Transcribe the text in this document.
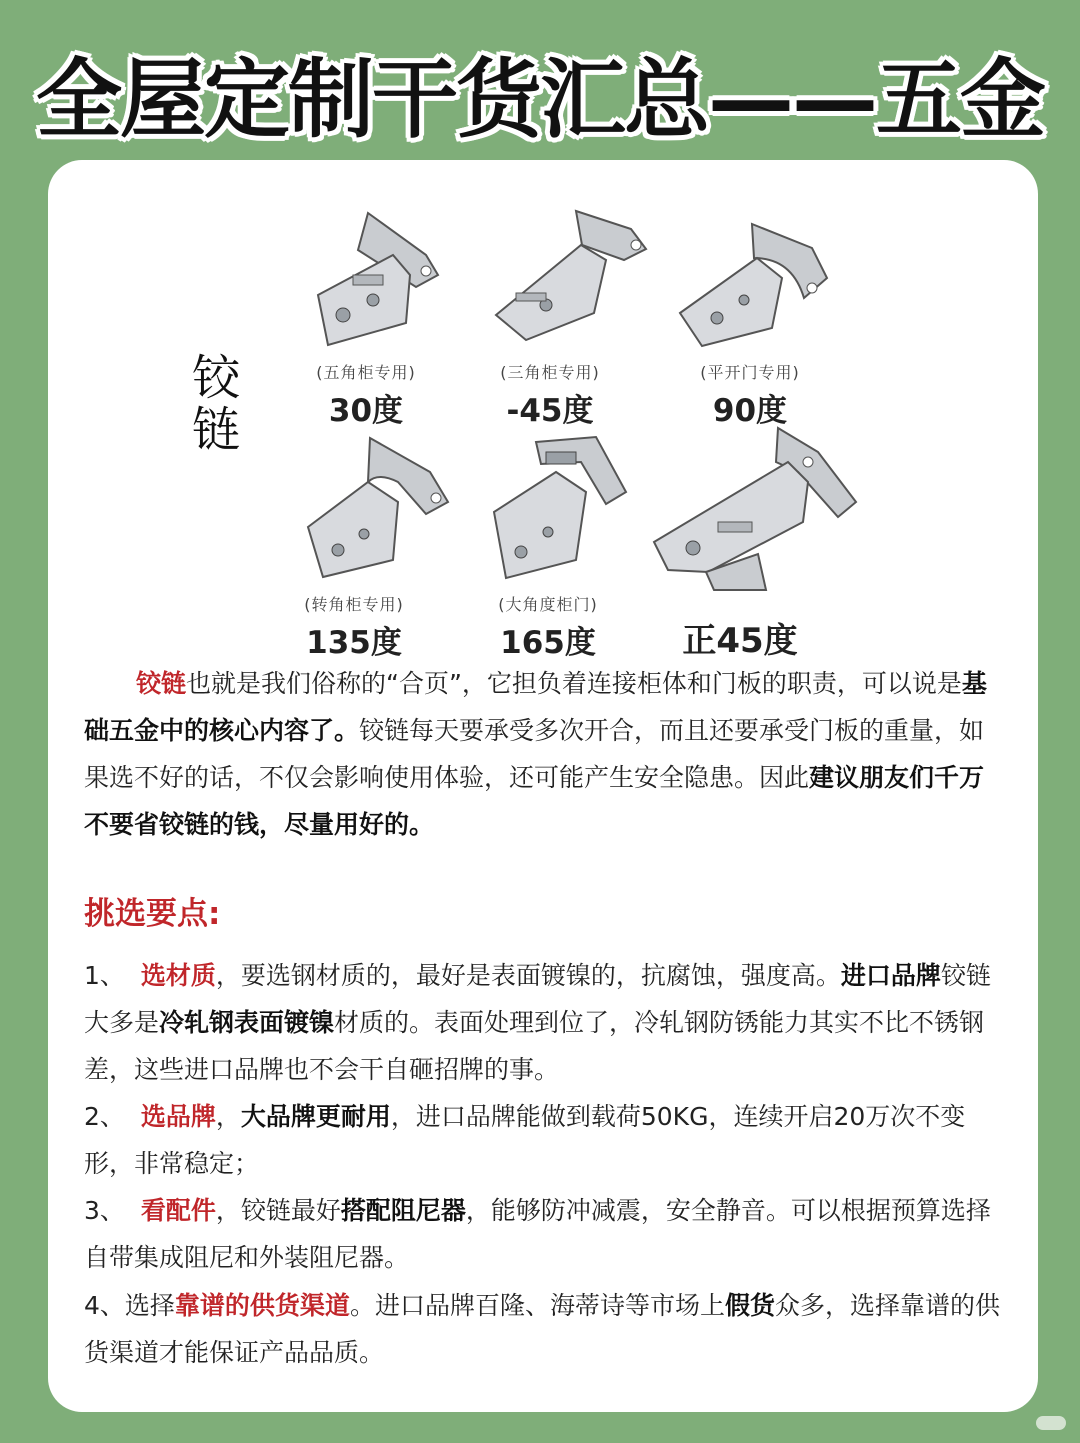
全屋定制干货汇总——五金
铰链
(五角柜专用)
30度
(三角柜专用)
-45度
(平开门专用)
90度
(转角柜专用)
135度
(大角度柜门)
165度
	正45度
铰链也就是我们俗称的“合页”，它担负着连接柜体和门板的职责，可以说是基础五金中的核心内容了。铰链每天要承受多次开合，而且还要承受门板的重量，如果选不好的话，不仅会影响使用体验，还可能产生安全隐患。因此建议朋友们千万不要省铰链的钱，尽量用好的。
挑选要点:
1、 选材质，要选钢材质的，最好是表面镀镍的，抗腐蚀，强度高。进口品牌铰链大多是冷轧钢表面镀镍材质的。表面处理到位了，冷轧钢防锈能力其实不比不锈钢差，这些进口品牌也不会干自砸招牌的事。
2、 选品牌，大品牌更耐用，进口品牌能做到载荷50KG，连续开启20万次不变形，非常稳定；
3、 看配件，铰链最好搭配阻尼器，能够防冲减震，安全静音。可以根据预算选择自带集成阻尼和外装阻尼器。
4、选择靠谱的供货渠道。进口品牌百隆、海蒂诗等市场上假货众多，选择靠谱的供货渠道才能保证产品品质。
